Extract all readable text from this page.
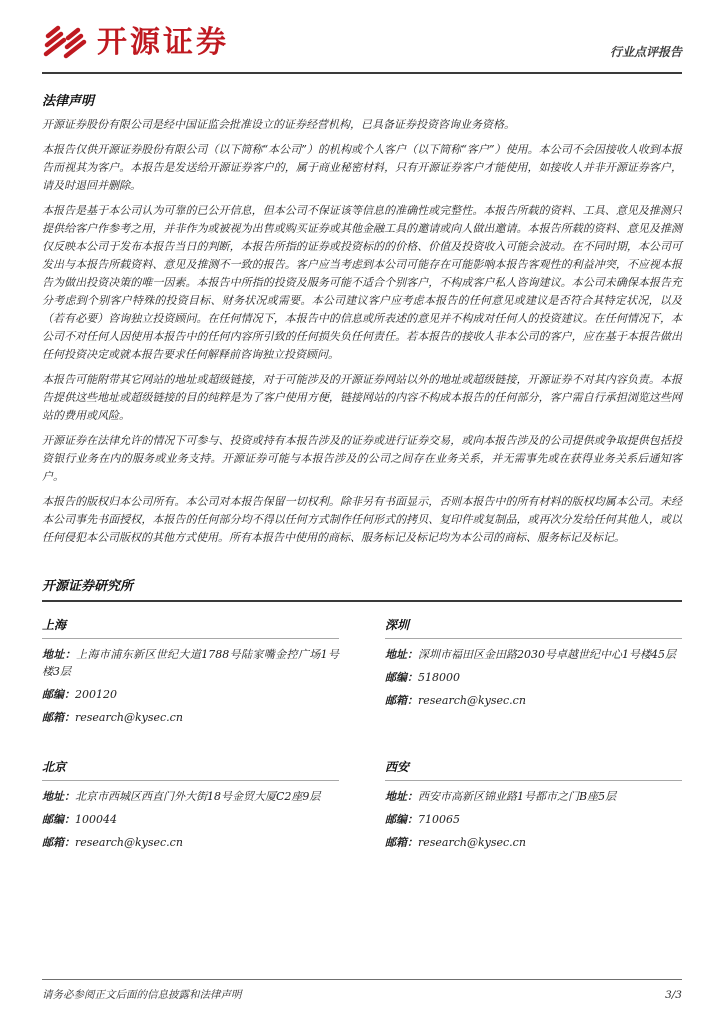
开源证券	行业点评报告
法律声明

开源证券股份有限公司是经中国证监会批准设立的证券经营机构，已具备证券投资咨询业务资格。

本报告仅供开源证券股份有限公司（以下简称“本公司”）的机构或个人客户（以下简称“客户”）使用。本公司不会因接收人收到本报告而视其为客户。本报告是发送给开源证券客户的，属于商业秘密材料，只有开源证券客户才能使用，如接收人并非开源证券客户，请及时退回并删除。

本报告是基于本公司认为可靠的已公开信息，但本公司不保证该等信息的准确性或完整性。本报告所载的资料、工具、意见及推测只提供给客户作参考之用，并非作为或被视为出售或购买证券或其他金融工具的邀请或向人做出邀请。本报告所载的资料、意见及推测仅反映本公司于发布本报告当日的判断，本报告所指的证券或投资标的的价格、价值及投资收入可能会波动。在不同时期，本公司可发出与本报告所载资料、意见及推测不一致的报告。客户应当考虑到本公司可能存在可能影响本报告客观性的利益冲突，不应视本报告为做出投资决策的唯一因素。本报告中所指的投资及服务可能不适合个别客户，不构成客户私人咨询建议。本公司未确保本报告充分考虑到个别客户特殊的投资目标、财务状况或需要。本公司建议客户应考虑本报告的任何意见或建议是否符合其特定状况，以及（若有必要）咨询独立投资顾问。在任何情况下，本报告中的信息或所表述的意见并不构成对任何人的投资建议。在任何情况下，本公司不对任何人因使用本报告中的任何内容所引致的任何损失负任何责任。若本报告的接收人非本公司的客户，应在基于本报告做出任何投资决定或就本报告要求任何解释前咨询独立投资顾问。

本报告可能附带其它网站的地址或超级链接，对于可能涉及的开源证券网站以外的地址或超级链接，开源证券不对其内容负责。本报告提供这些地址或超级链接的目的纯粹是为了客户使用方便，链接网站的内容不构成本报告的任何部分，客户需自行承担浏览这些网站的费用或风险。

开源证券在法律允许的情况下可参与、投资或持有本报告涉及的证券或进行证券交易，或向本报告涉及的公司提供或争取提供包括投资银行业务在内的服务或业务支持。开源证券可能与本报告涉及的公司之间存在业务关系，并无需事先或在获得业务关系后通知客户。

本报告的版权归本公司所有。本公司对本报告保留一切权利。除非另有书面显示，否则本报告中的所有材料的版权均属本公司。未经本公司事先书面授权，本报告的任何部分均不得以任何方式制作任何形式的拷贝、复印件或复制品，或再次分发给任何其他人，或以任何侵犯本公司版权的其他方式使用。所有本报告中使用的商标、服务标记及标记均为本公司的商标、服务标记及标记。

开源证券研究所
上海
地址：上海市浦东新区世纪大道1788号陆家嘴金控广场1号楼3层
邮编：200120
邮箱：research@kysec.cn
深圳
地址：深圳市福田区金田路2030号卓越世纪中心1号楼45层
邮编：518000
邮箱：research@kysec.cn
北京
地址：北京市西城区西直门外大街18号金贸大厦C2座9层
邮编：100044
邮箱：research@kysec.cn
西安
地址：西安市高新区锦业路1号都市之门B座5层
邮编：710065
邮箱：research@kysec.cn
请务必参阅正文后面的信息披露和法律声明	3/3
